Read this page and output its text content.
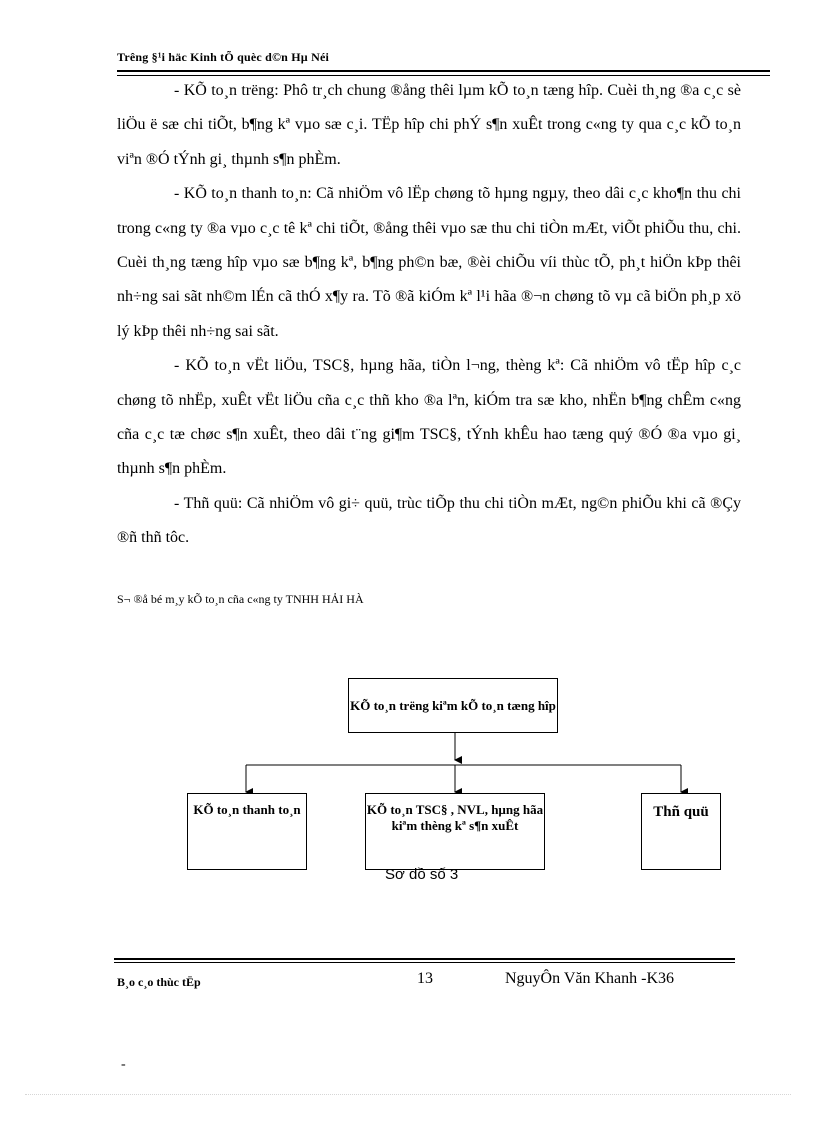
Trêng §¹i häc Kinh tÕ quèc d©n Hµ Néi

- KÕ to¸n trëng: Phô tr¸ch chung ®ång thêi lµm kÕ to¸n tæng hîp. Cuèi th¸ng ®a c¸c sè liÖu ë sæ chi tiÕt, b¶ng kª vµo sæ c¸i. TËp hîp chi phÝ s¶n xuÊt trong c«ng ty qua c¸c kÕ to¸n viªn ®Ó tÝnh gi¸ thµnh s¶n phÈm.

- KÕ to¸n thanh to¸n: Cã nhiÖm vô lËp chøng tõ hµng ngµy, theo dâi c¸c kho¶n thu chi trong c«ng ty ®a vµo c¸c tê kª chi tiÕt, ®ång thêi vµo sæ thu chi tiÒn mÆt, viÕt phiÕu thu, chi. Cuèi th¸ng tæng hîp vµo sæ b¶ng kª, b¶ng ph©n bæ, ®èi chiÕu víi thùc tÕ, ph¸t hiÖn kÞp thêi nh÷ng sai sãt nh©m lÉn cã thÓ x¶y ra. Tõ ®ã kiÓm kª l¹i hãa ®¬n chøng tõ vµ cã biÖn ph¸p xö lý kÞp thêi nh÷ng sai sãt.

- KÕ to¸n vËt liÖu, TSC§, hµng hãa, tiÒn l¬ng, thèng kª: Cã nhiÖm vô tËp hîp c¸c chøng tõ nhËp, xuÊt vËt liÖu cña c¸c thñ kho ®a lªn, kiÓm tra sæ kho, nhËn b¶ng chÊm c«ng cña c¸c tæ chøc s¶n xuÊt, theo dâi t¨ng gi¶m TSC§, tÝnh khÊu hao tæng quý ®Ó ®a vµo gi¸ thµnh s¶n phÈm.

- Thñ quü: Cã nhiÖm vô gi÷ quü, trùc tiÕp thu chi tiÒn mÆt, ng©n phiÕu khi cã ®Çy ®ñ thñ tôc.

S¬ ®å bé m¸y kÕ to¸n cña c«ng ty TNHH HẢI HÀ
KÕ to¸n trëng kiªm kÕ to¸n tæng hîp
KÕ to¸n thanh to¸n	KÕ to¸n TSC§ , NVL, hµng hãa kiªm thèng kª s¶n xuÊt
Thñ quü
Sơ đồ số 3
B¸o c¸o thùc tËp	13	NguyÔn Văn Khanh -K36
-
